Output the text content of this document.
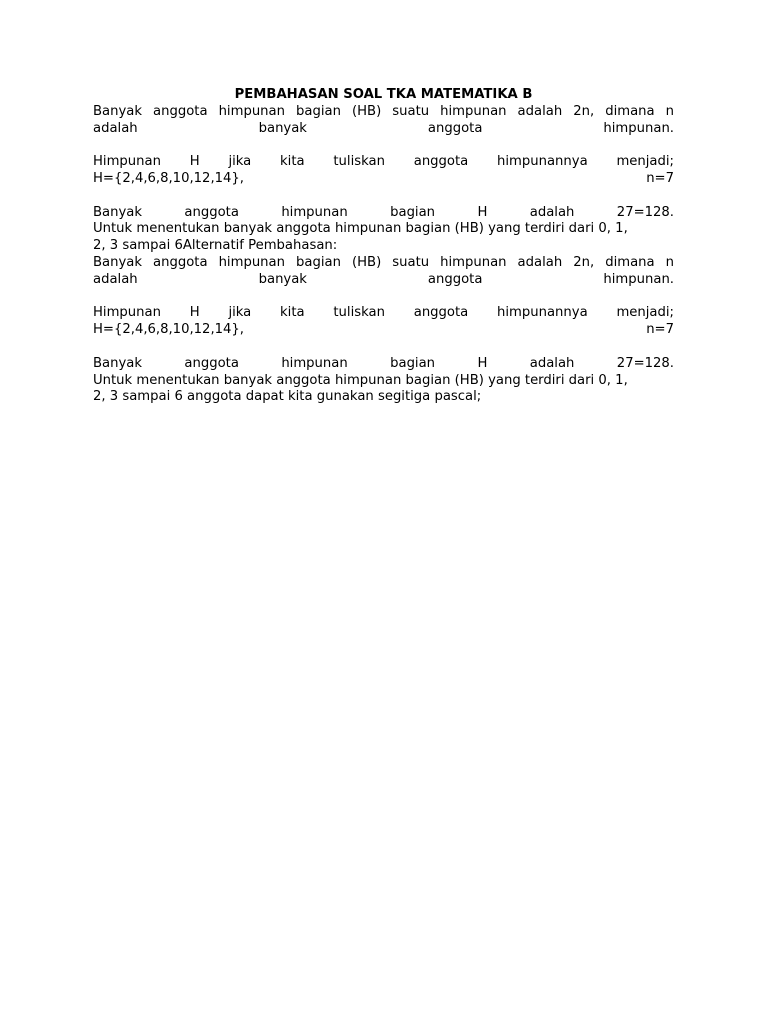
PEMBAHASAN SOAL TKA MATEMATIKA B
Banyak anggota himpunan bagian (HB) suatu himpunan adalah 2n, dimana n
adalah banyak anggota himpunan.
Himpunan H jika kita tuliskan anggota himpunannya menjadi;
H={2,4,6,8,10,12,14}, n=7
Banyak anggota himpunan bagian H adalah 27=128.
Untuk menentukan banyak anggota himpunan bagian (HB) yang terdiri dari 0, 1,
2, 3 sampai 6Alternatif Pembahasan:
Banyak anggota himpunan bagian (HB) suatu himpunan adalah 2n, dimana n
adalah banyak anggota himpunan.
Himpunan H jika kita tuliskan anggota himpunannya menjadi;
H={2,4,6,8,10,12,14}, n=7
Banyak anggota himpunan bagian H adalah 27=128.
Untuk menentukan banyak anggota himpunan bagian (HB) yang terdiri dari 0, 1,
2, 3 sampai 6 anggota dapat kita gunakan segitiga pascal;
